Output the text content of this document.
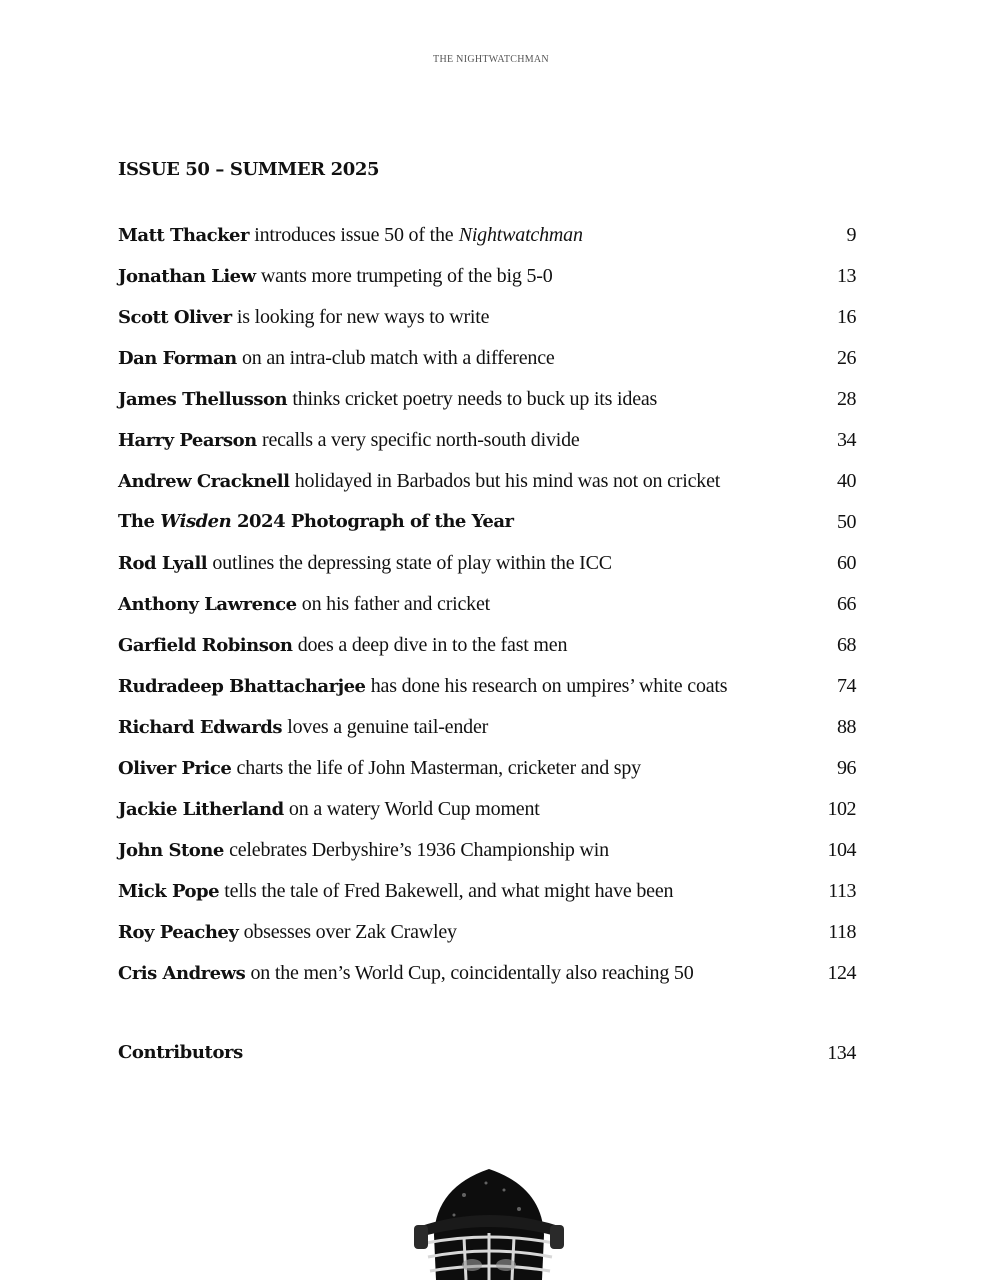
THE NIGHTWATCHMAN
ISSUE 50 – SUMMER 2025
Matt Thacker introduces issue 50 of the Nightwatchman	9
Jonathan Liew wants more trumpeting of the big 5-0	13
Scott Oliver is looking for new ways to write	16
Dan Forman on an intra-club match with a difference	26
James Thellusson thinks cricket poetry needs to buck up its ideas	28
Harry Pearson recalls a very specific north-south divide	34
Andrew Cracknell holidayed in Barbados but his mind was not on cricket	40
The Wisden 2024 Photograph of the Year	50
Rod Lyall outlines the depressing state of play within the ICC	60
Anthony Lawrence on his father and cricket	66
Garfield Robinson does a deep dive in to the fast men	68
Rudradeep Bhattacharjee has done his research on umpires’ white coats	74
Richard Edwards loves a genuine tail-ender	88
Oliver Price charts the life of John Masterman, cricketer and spy	96
Jackie Litherland on a watery World Cup moment	102
John Stone celebrates Derbyshire’s 1936 Championship win	104
Mick Pope tells the tale of Fred Bakewell, and what might have been	113
Roy Peachey obsesses over Zak Crawley	118
Cris Andrews on the men’s World Cup, coincidentally also reaching 50	124
Contributors	134
